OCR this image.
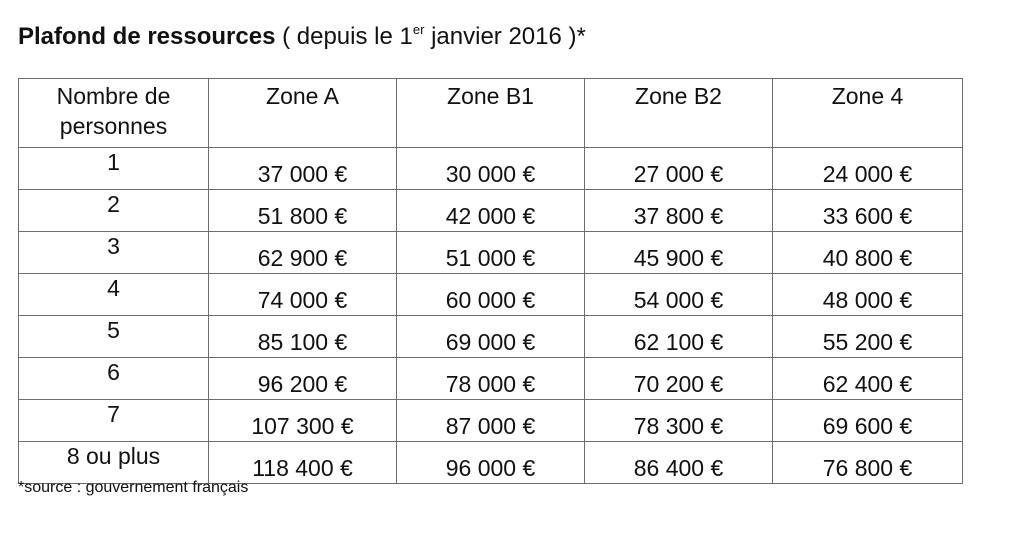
Plafond de ressources ( depuis le 1er janvier 2016 )*
Nombre de personnes	Zone A	Zone B1	Zone B2	Zone 4
1	37 000 €	30 000 €	27 000 €	24 000 €
2	51 800 €	42 000 €	37 800 €	33 600 €
3	62 900 €	51 000 €	45 900 €	40 800 €
4	74 000 €	60 000 €	54 000 €	48 000 €
5	85 100 €	69 000 €	62 100 €	55 200 €
6	96 200 €	78 000 €	70 200 €	62 400 €
7	107 300 €	87 000 €	78 300 €	69 600 €
8 ou plus	118 400 €	96 000 €	86 400 €	76 800 €
*source : gouvernement français
